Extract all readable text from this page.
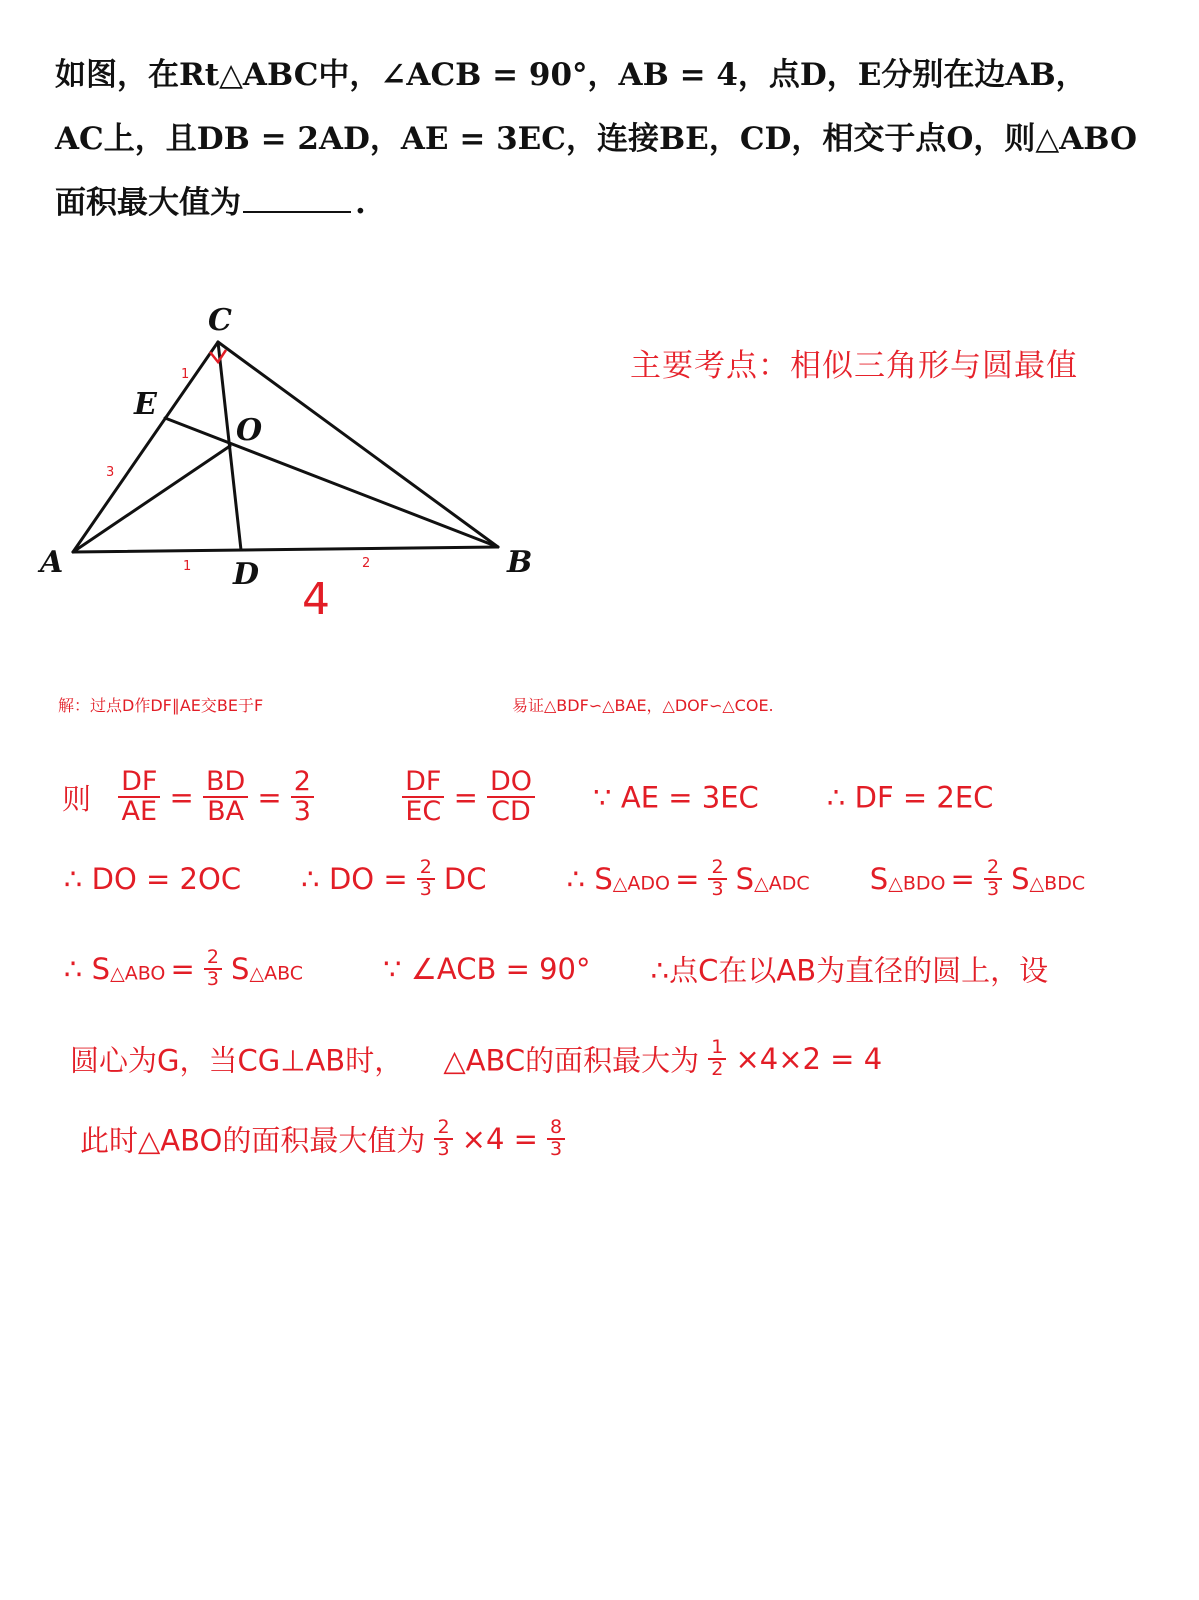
如图，在Rt△ABC中，∠ACB = 90°，AB = 4，点D，E分别在边AB，
AC上，且DB = 2AD，AE = 3EC，连接BE，CD，相交于点O，则△ABO
面积最大值为	.
C
E
O
A	D	B
1
3
1	2
4
主要考点：相似三角形与圆最值
解：过点D作DF∥AE交BE于F	易证△BDF∽△BAE，△DOF∽△COE.
则 $\frac{DF}{AE} = \frac{BD}{BA} = \frac{2}{3}$
	$\frac{DF}{EC} = \frac{DO}{CD}$ ∵ AE = 3EC ∴ DF = 2EC
∴ DO = 2OC ∴ DO = $\frac{2}{3}$ DC	∴ S△ADO = $\frac{2}{3}$ S△ADC S△BDO = $\frac{2}{3}$ S△BDC
∴ S△ABO = $\frac{2}{3}$ S△ABC	∵ ∠ACB = 90° ∴点C在以AB为直径的圆上，设
圆心为G，当CG⊥AB时， △ABC的面积最大为 $\frac{1}{2} \times 4\times 2 = 4$
此时△ABO的面积最大值为 $\frac{2}{3} \times 4 = \frac{8}{3}$
